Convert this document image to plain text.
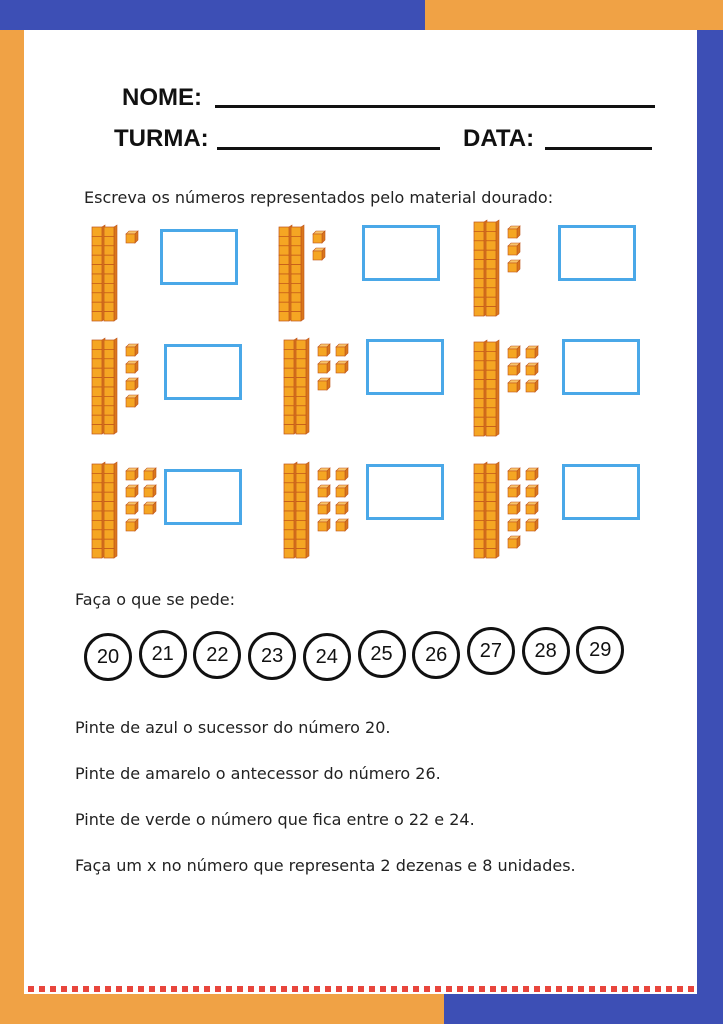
NOME:
TURMA:	DATA:
Escreva os números representados pelo material dourado:
Faça o que se pede:
20	21	22	23	24	25	26	27	28	29
Pinte de azul o sucessor do número 20.
Pinte de amarelo o antecessor do número 26.
Pinte de verde o número que fica entre o 22 e 24.
Faça um x no número que representa 2 dezenas e 8 unidades.
